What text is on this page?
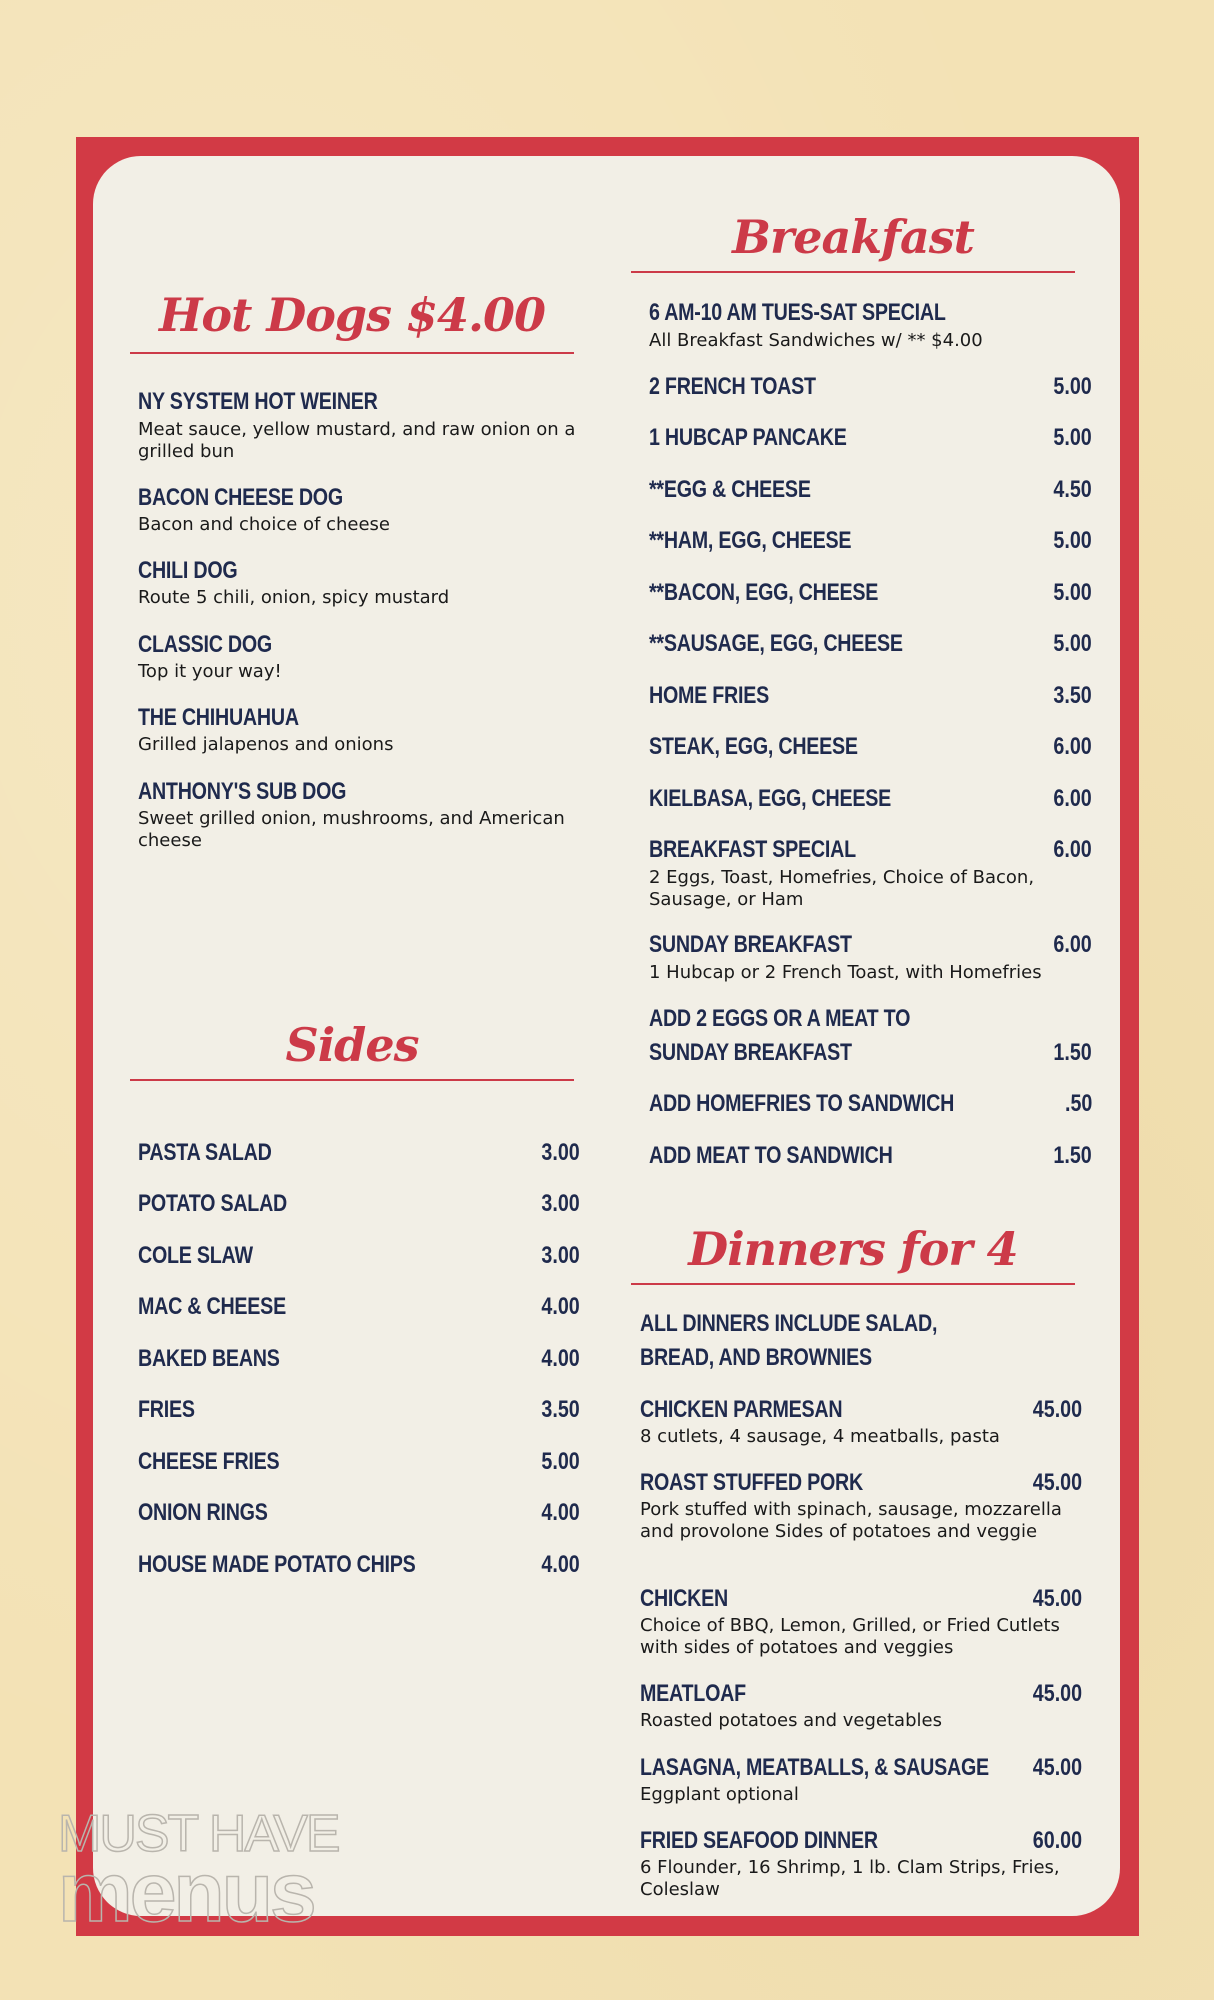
Hot Dogs $4.00
NY SYSTEM HOT WEINER
Meat sauce, yellow mustard, and raw onion on a grilled bun
BACON CHEESE DOG
Bacon and choice of cheese
CHILI DOG
Route 5 chili, onion, spicy mustard
CLASSIC DOG
Top it your way!
THE CHIHUAHUA
Grilled jalapenos and onions
ANTHONY'S SUB DOG
Sweet grilled onion, mushrooms, and American cheese
Sides
PASTA SALAD	3.00
POTATO SALAD	3.00
COLE SLAW	3.00
MAC & CHEESE	4.00
BAKED BEANS	4.00
FRIES	3.50
CHEESE FRIES	5.00
ONION RINGS	4.00
HOUSE MADE POTATO CHIPS	4.00
Breakfast
6 AM-10 AM TUES-SAT SPECIAL
All Breakfast Sandwiches w/ ** $4.00
2 FRENCH TOAST	5.00
1 HUBCAP PANCAKE	5.00
**EGG & CHEESE	4.50
**HAM, EGG, CHEESE	5.00
**BACON, EGG, CHEESE	5.00
**SAUSAGE, EGG, CHEESE	5.00
HOME FRIES	3.50
STEAK, EGG, CHEESE	6.00
KIELBASA, EGG, CHEESE	6.00
BREAKFAST SPECIAL	6.00
2 Eggs, Toast, Homefries, Choice of Bacon, Sausage, or Ham
SUNDAY BREAKFAST	6.00
1 Hubcap or 2 French Toast, with Homefries
ADD 2 EGGS OR A MEAT TO
SUNDAY BREAKFAST	1.50
ADD HOMEFRIES TO SANDWICH	.50
ADD MEAT TO SANDWICH	1.50
Dinners for 4
ALL DINNERS INCLUDE SALAD,
BREAD, AND BROWNIES
CHICKEN PARMESAN	45.00
8 cutlets, 4 sausage, 4 meatballs, pasta
ROAST STUFFED PORK	45.00
Pork stuffed with spinach, sausage, mozzarella and provolone Sides of potatoes and veggie
CHICKEN	45.00
Choice of BBQ, Lemon, Grilled, or Fried Cutlets with sides of potatoes and veggies
MEATLOAF	45.00
Roasted potatoes and vegetables
LASAGNA, MEATBALLS, & SAUSAGE 45.00
Eggplant optional
FRIED SEAFOOD DINNER	60.00
6 Flounder, 16 Shrimp, 1 lb. Clam Strips, Fries, Coleslaw
MUST HAVE
menus
